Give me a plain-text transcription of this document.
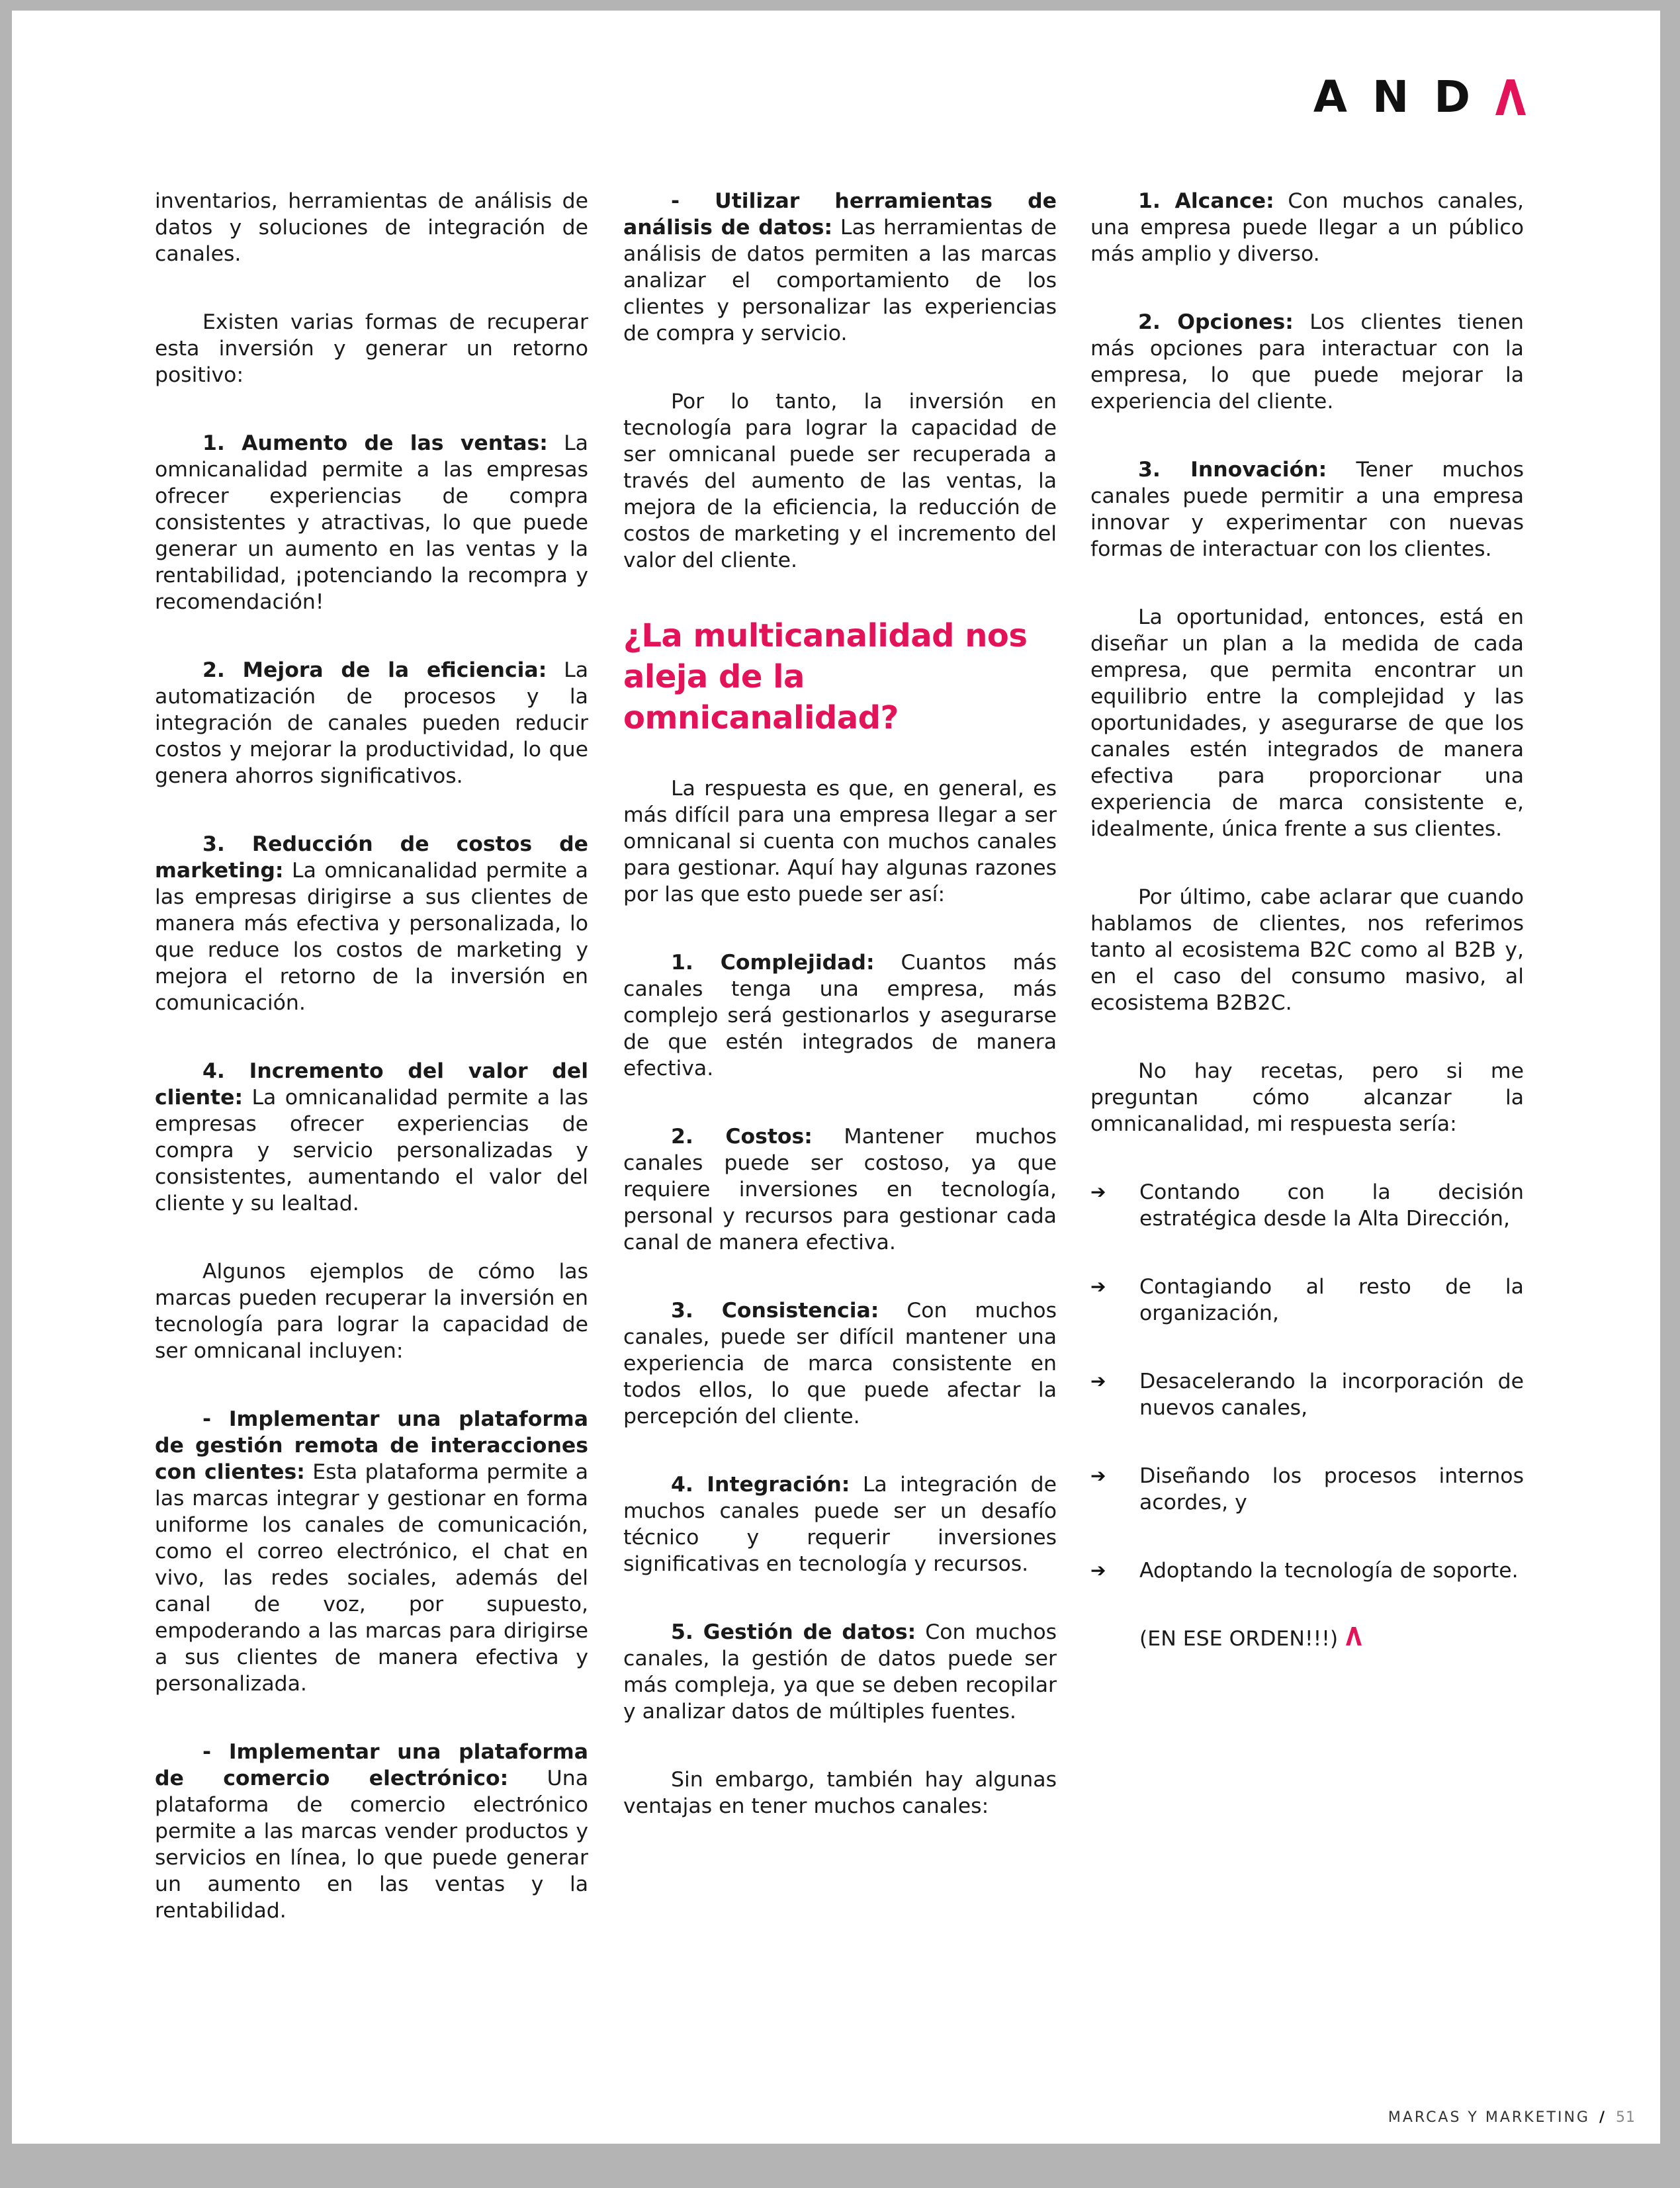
A N D

inventarios, herramientas de análisis de datos y soluciones de integración de canales.

Existen varias formas de recuperar esta inversión y generar un retorno positivo:

1. Aumento de las ventas: La omnicanalidad permite a las empresas ofrecer experiencias de compra consistentes y atractivas, lo que puede generar un aumento en las ventas y la rentabilidad, ¡potenciando la recompra y recomendación!

2. Mejora de la eficiencia: La automatización de procesos y la integración de canales pueden reducir costos y mejorar la productividad, lo que genera ahorros significativos.

3. Reducción de costos de marketing: La omnicanalidad permite a las empresas dirigirse a sus clientes de manera más efectiva y personalizada, lo que reduce los costos de marketing y mejora el retorno de la inversión en comunicación.

4. Incremento del valor del cliente: La omnicanalidad permite a las empresas ofrecer experiencias de compra y servicio personalizadas y consistentes, aumentando el valor del cliente y su lealtad.

Algunos ejemplos de cómo las marcas pueden recuperar la inversión en tecnología para lograr la capacidad de ser omnicanal incluyen:

- Implementar una plataforma de gestión remota de interacciones con clientes: Esta plataforma permite a las marcas integrar y gestionar en forma uniforme los canales de comunicación, como el correo electrónico, el chat en vivo, las redes sociales, además del canal de voz, por supuesto, empoderando a las marcas para dirigirse a sus clientes de manera efectiva y personalizada.

- Implementar una plataforma de comercio electrónico: Una plataforma de comercio electrónico permite a las marcas vender productos y servicios en línea, lo que puede generar un aumento en las ventas y la rentabilidad.

- Utilizar herramientas de análisis de datos: Las herramientas de análisis de datos permiten a las marcas analizar el comportamiento de los clientes y personalizar las experiencias de compra y servicio.

Por lo tanto, la inversión en tecnología para lograr la capacidad de ser omnicanal puede ser recuperada a través del aumento de las ventas, la mejora de la eficiencia, la reducción de costos de marketing y el incremento del valor del cliente.

¿La multicanalidad nos aleja de la omnicanalidad?

La respuesta es que, en general, es más difícil para una empresa llegar a ser omnicanal si cuenta con muchos canales para gestionar. Aquí hay algunas razones por las que esto puede ser así:

1. Complejidad: Cuantos más canales tenga una empresa, más complejo será gestionarlos y asegurarse de que estén integrados de manera efectiva.

2. Costos: Mantener muchos canales puede ser costoso, ya que requiere inversiones en tecnología, personal y recursos para gestionar cada canal de manera efectiva.

3. Consistencia: Con muchos canales, puede ser difícil mantener una experiencia de marca consistente en todos ellos, lo que puede afectar la percepción del cliente.

4. Integración: La integración de muchos canales puede ser un desafío técnico y requerir inversiones significativas en tecnología y recursos.

5. Gestión de datos: Con muchos canales, la gestión de datos puede ser más compleja, ya que se deben recopilar y analizar datos de múltiples fuentes.

Sin embargo, también hay algunas ventajas en tener muchos canales:

1. Alcance: Con muchos canales, una empresa puede llegar a un público más amplio y diverso.

2. Opciones: Los clientes tienen más opciones para interactuar con la empresa, lo que puede mejorar la experiencia del cliente.

3. Innovación: Tener muchos canales puede permitir a una empresa innovar y experimentar con nuevas formas de interactuar con los clientes.

La oportunidad, entonces, está en diseñar un plan a la medida de cada empresa, que permita encontrar un equilibrio entre la complejidad y las oportunidades, y asegurarse de que los canales estén integrados de manera efectiva para proporcionar una experiencia de marca consistente e, idealmente, única frente a sus clientes.

Por último, cabe aclarar que cuando hablamos de clientes, nos referimos tanto al ecosistema B2C como al B2B y, en el caso del consumo masivo, al ecosistema B2B2C.

No hay recetas, pero si me preguntan cómo alcanzar la omnicanalidad, mi respuesta sería:

➔ Contando con la decisión estratégica desde la Alta Dirección,
➔ Contagiando al resto de la organización,
➔ Desacelerando la incorporación de nuevos canales,
➔ Diseñando los procesos internos acordes, y
➔ Adoptando la tecnología de soporte.
(EN ESE ORDEN!!!)
MARCAS Y MARKETING / 51
